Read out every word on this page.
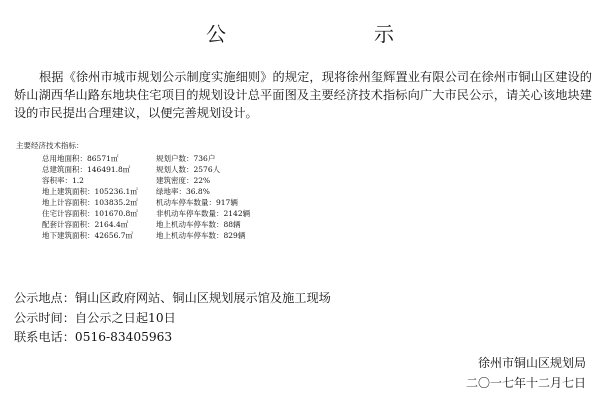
公　示
根据《徐州市城市规划公示制度实施细则》的规定，现将徐州玺辉置业有限公司在徐州市铜山区建设的娇山湖西华山路东地块住宅项目的规划设计总平面图及主要经济技术指标向广大市民公示，请关心该地块建设的市民提出合理建议，以便完善规划设计。
主要经济技术指标：
总用地面积： 86571㎡	规划户数： 736户
总建筑面积： 146491.8㎡	规划人数： 2576人
容积率： 1.2	建筑密度： 22%
地上建筑面积： 105236.1㎡ 绿地率： 36.8%
地上计容面积： 103835.2㎡ 机动车停车数量： 917辆
住宅计容面积： 101670.8㎡ 非机动车停车数量： 2142辆
配套计容面积： 2164.4㎡	地上机动车停车数： 88辆
地下建筑面积： 42656.7㎡	地上机动车停车数： 829辆
公示地点：铜山区政府网站、铜山区规划展示馆及施工现场
公示时间：自公示之日起10日
联系电话：0516-83405963
徐州市铜山区规划局
二〇一七年十二月七日
